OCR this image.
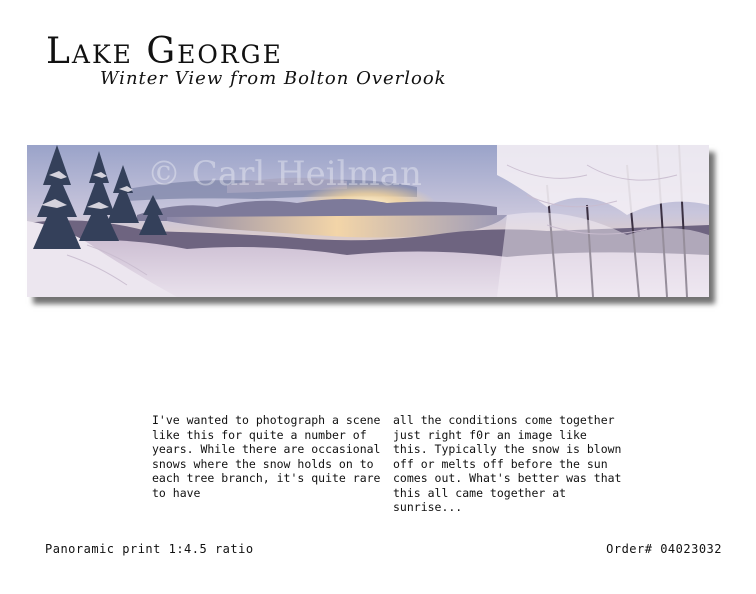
Lake George
Winter View from Bolton Overlook
© Carl Heilman

I've wanted to photograph a scene like this for quite a number of years. While there are occasional snows where the snow holds on to each tree branch, it's quite rare to have

all the conditions come together just right f0r an image like this. Typically the snow is blown off or melts off before the sun comes out. What's better was that this all came together at sunrise...

Panoramic print 1:4.5 ratio	Order# 04023032
